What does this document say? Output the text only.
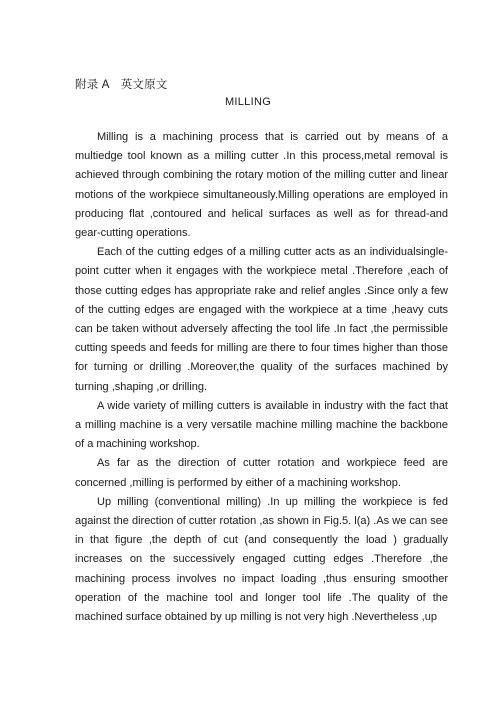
附录 A　英文原文
MILLING

Milling is a machining process that is carried out by means of a multiedge tool known as a milling cutter .In this process,metal removal is achieved through combining the rotary motion of the milling cutter and linear motions of the workpiece simultaneously.Milling operations are employed in producing flat ,contoured and helical surfaces as well as for thread-and gear-cutting operations.

Each of the cutting edges of a milling cutter acts as an individualsingle-point cutter when it engages with the workpiece metal .Therefore ,each of those cutting edges has appropriate rake and relief angles .Since only a few of the cutting edges are engaged with the workpiece at a time ,heavy cuts can be taken without adversely affecting the tool life .In fact ,the permissible cutting speeds and feeds for milling are there to four times higher than those for turning or drilling .Moreover,the quality of the surfaces machined by turning ,shaping ,or drilling.

A wide variety of milling cutters is available in industry with the fact that a milling machine is a very versatile machine milling machine the backbone of a machining workshop.

As far as the direction of cutter rotation and workpiece feed are concerned ,milling is performed by either of a machining workshop.

Up milling (conventional milling) .In up milling the workpiece is fed against the direction of cutter rotation ,as shown in Fig.5. l(a) .As we can see in that figure ,the depth of cut (and consequently the load ) gradually increases on the successively engaged cutting edges .Therefore ,the machining process involves no impact loading ,thus ensuring smoother operation of the machine tool and longer tool life .The quality of the machined surface obtained by up milling is not very high .Nevertheless ,up
